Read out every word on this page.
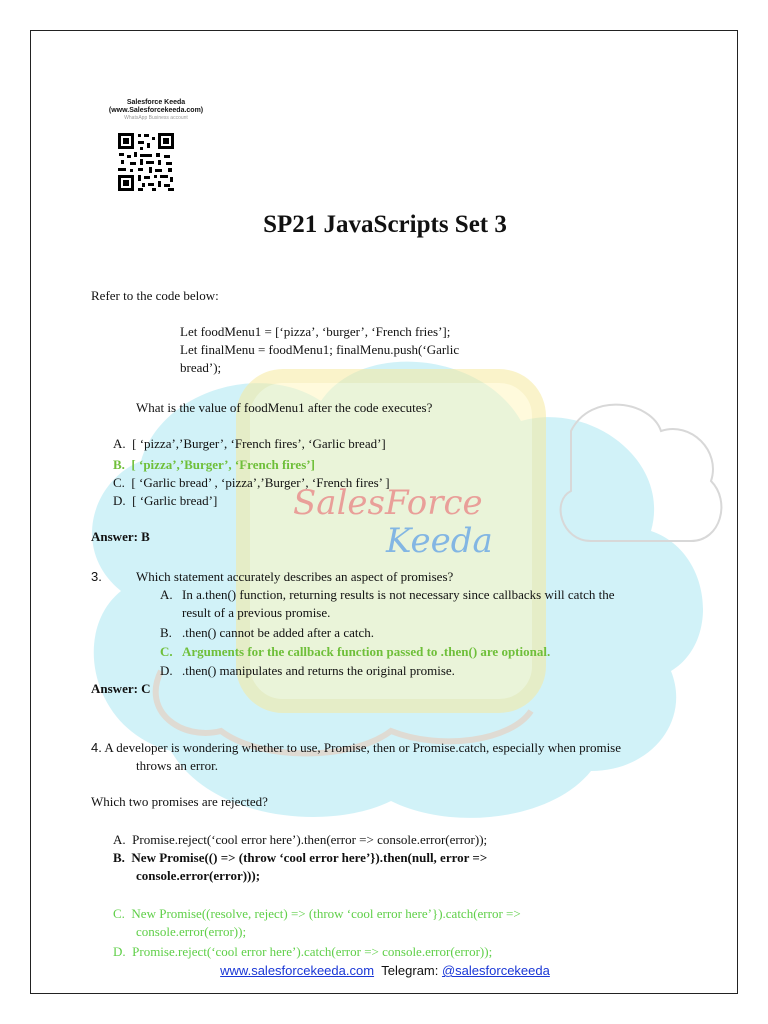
SalesForce
Keeda
Salesforce Keeda
(www.Salesforcekeeda.com)
WhatsApp Business account
SP21 JavaScripts Set 3
Refer to the code below:
Let foodMenu1 = [‘pizza’, ‘burger’, ‘French fries’];
Let finalMenu = foodMenu1; finalMenu.push(‘Garlic
bread’);
What is the value of foodMenu1 after the code executes?
A. [ ‘pizza’,’Burger’, ‘French fires’, ‘Garlic bread’]
B. [ ‘pizza’,’Burger’, ‘French fires’]
C. [ ‘Garlic bread’ , ‘pizza’,’Burger’, ‘French fires’ ]
D. [ ‘Garlic bread’]
Answer: B
3.	Which statement accurately describes an aspect of promises?
A. In a.then() function, returning results is not necessary since callbacks will catch the
result of a previous promise.
B. .then() cannot be added after a catch.
C. Arguments for the callback function passed to .then() are optional.
D. .then() manipulates and returns the original promise.
Answer: C
4. A developer is wondering whether to use, Promise, then or Promise.catch, especially when promise
throws an error.
Which two promises are rejected?
A. Promise.reject(‘cool error here’).then(error => console.error(error));
B. New Promise(() => (throw ‘cool error here’}).then(null, error =>
console.error(error)));
C. New Promise((resolve, reject) => (throw ‘cool error here’}).catch(error =>
console.error(error));
D. Promise.reject(‘cool error here’).catch(error => console.error(error));
www.salesforcekeeda.com Telegram: @salesforcekeeda
